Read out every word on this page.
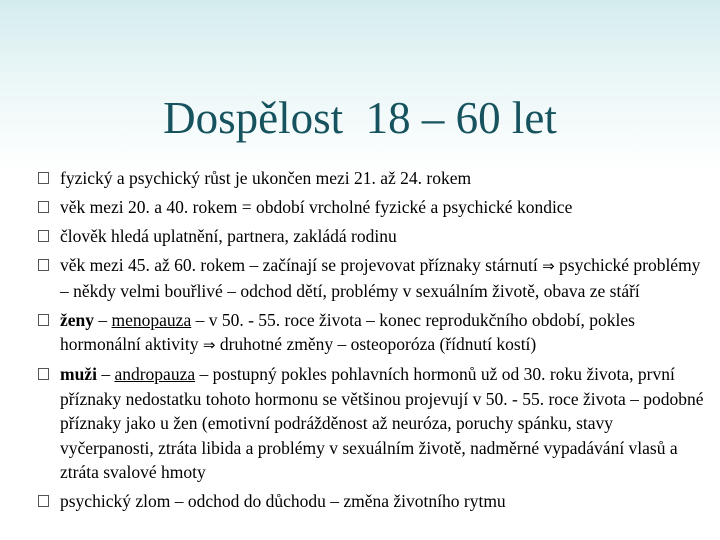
Dospělost  18 – 60 let
fyzický a psychický růst je ukončen mezi 21. až 24. rokem
věk mezi 20. a 40. rokem = období vrcholné fyzické a psychické kondice
člověk hledá uplatnění, partnera, zakládá rodinu
věk mezi 45. až 60. rokem – začínají se projevovat příznaky stárnutí ⇒ psychické problémy – někdy velmi bouřlivé – odchod dětí, problémy v sexuálním životě, obava ze stáří
ženy – menopauza – v 50. - 55. roce života – konec reprodukčního období, pokles hormonální aktivity ⇒ druhotné změny – osteoporóza (řídnutí kostí)
muži – andropauza – postupný pokles pohlavních hormonů už od 30. roku života, první příznaky nedostatku tohoto hormonu se většinou projevují v 50. - 55. roce života – podobné příznaky jako u žen (emotivní podrážděnost až neuróza, poruchy spánku, stavy vyčerpanosti, ztráta libida a problémy v sexuálním životě, nadměrné vypadávání vlasů a ztráta svalové hmoty
psychický zlom – odchod do důchodu – změna životního rytmu
